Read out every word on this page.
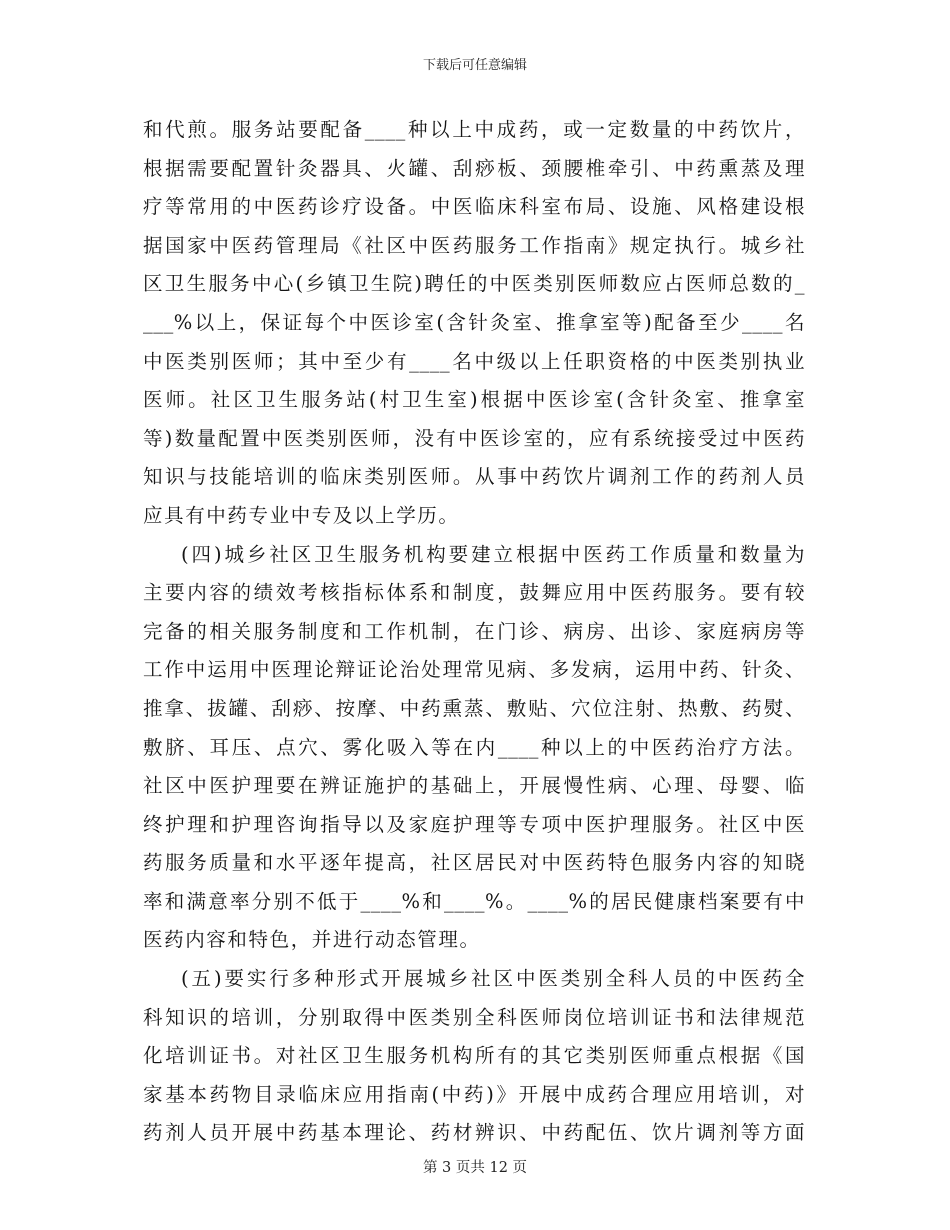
下载后可任意编辑
和代煎。服务站要配备____种以上中成药，或一定数量的中药饮片，
根据需要配置针灸器具、火罐、刮痧板、颈腰椎牵引、中药熏蒸及理
疗等常用的中医药诊疗设备。中医临床科室布局、设施、风格建设根
据国家中医药管理局《社区中医药服务工作指南》规定执行。城乡社
区卫生服务中心(乡镇卫生院)聘任的中医类别医师数应占医师总数的_
___%以上，保证每个中医诊室(含针灸室、推拿室等)配备至少____名
中医类别医师；其中至少有____名中级以上任职资格的中医类别执业
医师。社区卫生服务站(村卫生室)根据中医诊室(含针灸室、推拿室
等)数量配置中医类别医师，没有中医诊室的，应有系统接受过中医药
知识与技能培训的临床类别医师。从事中药饮片调剂工作的药剂人员
应具有中药专业中专及以上学历。
(四)城乡社区卫生服务机构要建立根据中医药工作质量和数量为
主要内容的绩效考核指标体系和制度，鼓舞应用中医药服务。要有较
完备的相关服务制度和工作机制，在门诊、病房、出诊、家庭病房等
工作中运用中医理论辩证论治处理常见病、多发病，运用中药、针灸、
推拿、拔罐、刮痧、按摩、中药熏蒸、敷贴、穴位注射、热敷、药熨、
敷脐、耳压、点穴、雾化吸入等在内____种以上的中医药治疗方法。
社区中医护理要在辨证施护的基础上，开展慢性病、心理、母婴、临
终护理和护理咨询指导以及家庭护理等专项中医护理服务。社区中医
药服务质量和水平逐年提高，社区居民对中医药特色服务内容的知晓
率和满意率分别不低于____%和____%。____%的居民健康档案要有中
医药内容和特色，并进行动态管理。
(五)要实行多种形式开展城乡社区中医类别全科人员的中医药全
科知识的培训，分别取得中医类别全科医师岗位培训证书和法律规范
化培训证书。对社区卫生服务机构所有的其它类别医师重点根据《国
家基本药物目录临床应用指南(中药)》开展中成药合理应用培训，对
药剂人员开展中药基本理论、药材辨识、中药配伍、饮片调剂等方面
第 3 页共 12 页
